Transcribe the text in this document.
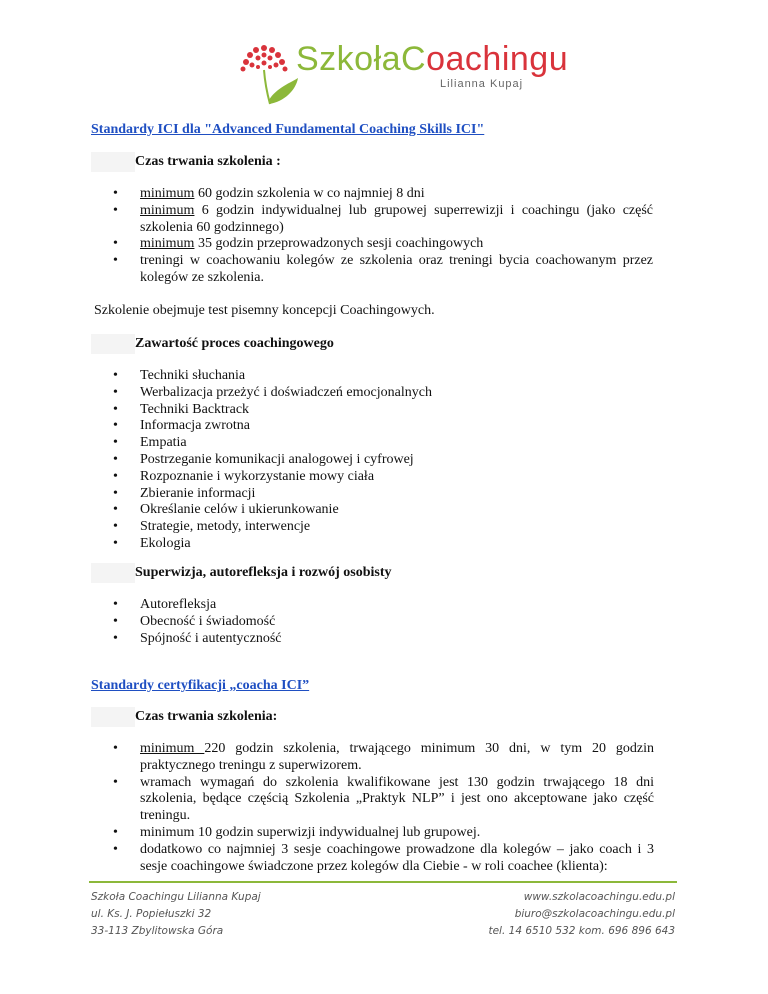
SzkołaCoachingu
Lilianna Kupaj
Standardy ICI dla "Advanced Fundamental Coaching Skills ICI"
Czas trwania szkolenia :
• minimum 60 godzin szkolenia w co najmniej 8 dni
• minimum 6 godzin indywidualnej lub grupowej superrewizji i coachingu (jako część szkolenia 60 godzinnego)
• minimum 35 godzin przeprowadzonych sesji coachingowych
• treningi w coachowaniu kolegów ze szkolenia oraz treningi bycia coachowanym przez kolegów ze szkolenia.
Szkolenie obejmuje test pisemny koncepcji Coachingowych.
Zawartość proces coachingowego
• Techniki słuchania
• Werbalizacja przeżyć i doświadczeń emocjonalnych
• Techniki Backtrack
• Informacja zwrotna
• Empatia
• Postrzeganie komunikacji analogowej i cyfrowej
• Rozpoznanie i wykorzystanie mowy ciała
• Zbieranie informacji
• Określanie celów i ukierunkowanie
• Strategie, metody, interwencje
• Ekologia
Superwizja, autorefleksja i rozwój osobisty
• Autorefleksja
• Obecność i świadomość
• Spójność i autentyczność
Standardy certyfikacji „coacha ICI”
Czas trwania szkolenia:
• minimum 220 godzin szkolenia, trwającego minimum 30 dni, w tym 20 godzin praktycznego treningu z superwizorem.
• wramach wymagań do szkolenia kwalifikowane jest 130 godzin trwającego 18 dni szkolenia, będące częścią Szkolenia „Praktyk NLP” i jest ono akceptowane jako część treningu.
• minimum 10 godzin superwizji indywidualnej lub grupowej.
• dodatkowo co najmniej 3 sesje coachingowe prowadzone dla kolegów – jako coach i 3 sesje coachingowe świadczone przez kolegów dla Ciebie - w roli coachee (klienta):
Szkoła Coachingu Lilianna Kupaj
ul. Ks. J. Popiełuszki 32
33-113 Zbylitowska Góra
www.szkolacoachingu.edu.pl
biuro@szkolacoachingu.edu.pl
tel. 14 6510 532 kom. 696 896 643
